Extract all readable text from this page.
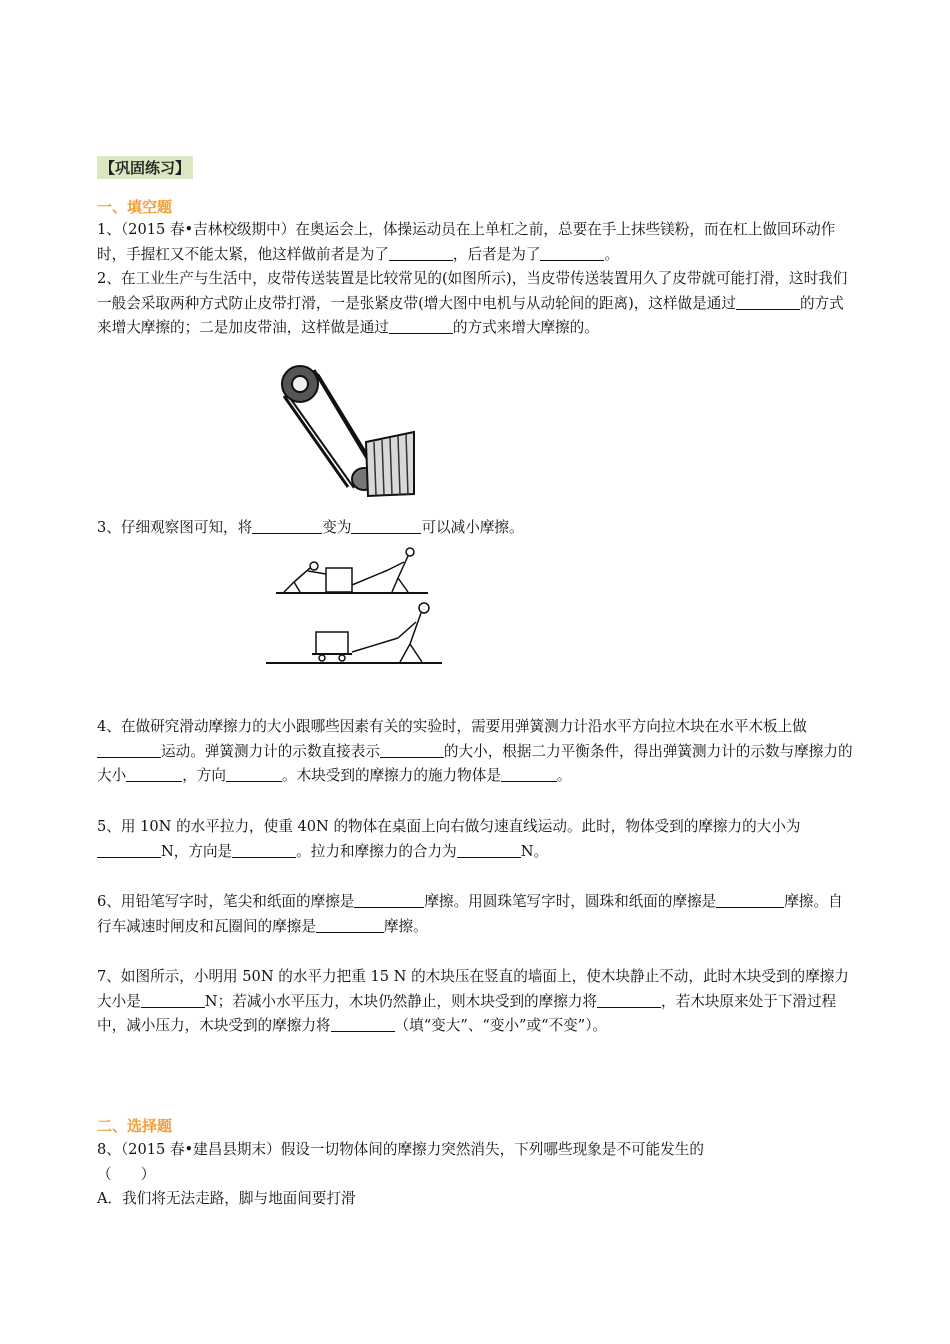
【巩固练习】
一、填空题
1、（2015 春•吉林校级期中）在奥运会上，体操运动员在上单杠之前，总要在手上抹些镁粉，而在杠上做回环动作时，手握杠又不能太紧，他这样做前者是为了	，后者是为了	。
2、在工业生产与生活中，皮带传送装置是比较常见的(如图所示)，当皮带传送装置用久了皮带就可能打滑，这时我们一般会采取两种方式防止皮带打滑，一是张紧皮带(增大图中电机与从动轮间的距离)，这样做是通过	的方式来增大摩擦的；二是加皮带油，这样做是通过	的方式来增大摩擦的。
3、仔细观察图可知，将	变为	可以减小摩擦。
4、在做研究滑动摩擦力的大小跟哪些因素有关的实验时，需要用弹簧测力计沿水平方向拉木块在水平木板上做运动。弹簧测力计的示数直接表示	的大小，根据二力平衡条件，得出弹簧测力计的示数与摩擦力的大小	，方向	。木块受到的摩擦力的施力物体是	。
5、用 10N 的水平拉力，使重 40N 的物体在桌面上向右做匀速直线运动。此时，物体受到的摩擦力的大小为N，方向是	。拉力和摩擦力的合力为	N。
6、用铅笔写字时，笔尖和纸面的摩擦是	摩擦。用圆珠笔写字时，圆珠和纸面的摩擦是	摩擦。自行车减速时闸皮和瓦圈间的摩擦是	摩擦。
7、如图所示，小明用 50N 的水平力把重 15 N 的木块压在竖直的墙面上，使木块静止不动，此时木块受到的摩擦力大小是	N；若减小水平压力，木块仍然静止，则木块受到的摩擦力将	，若木块原来处于下滑过程中，减小压力，木块受到的摩擦力将	（填“变大”、“变小”或“不变”）。
二、选择题
8、（2015 春•建昌县期末）假设一切物体间的摩擦力突然消失，下列哪些现象是不可能发生的
（　　）
A．我们将无法走路，脚与地面间要打滑
